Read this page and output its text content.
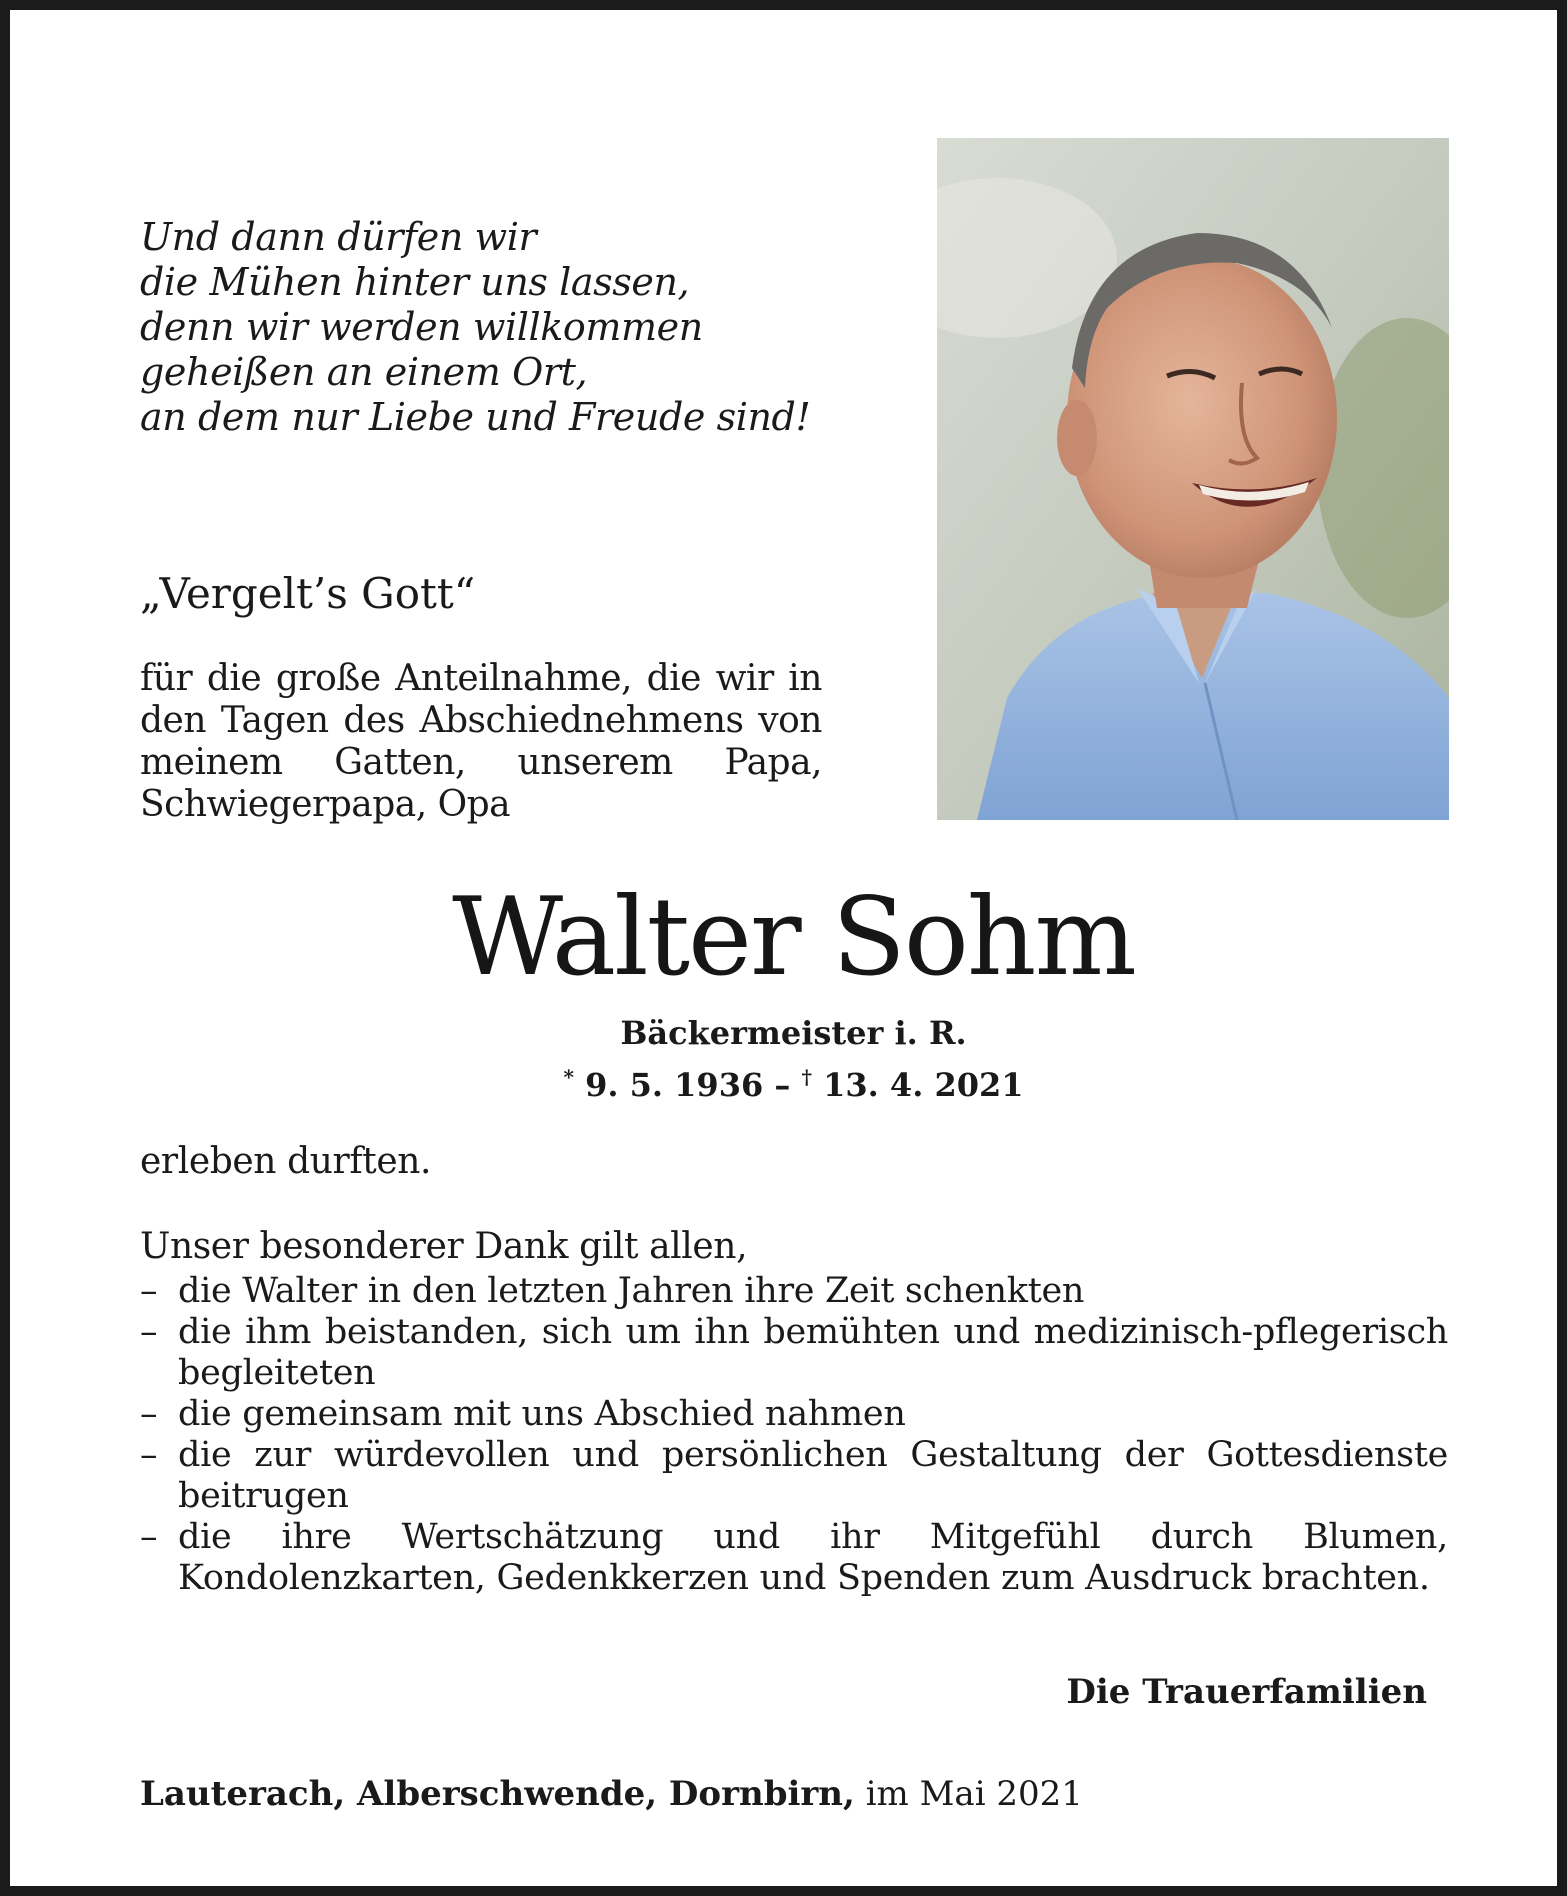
Und dann dürfen wir
die Mühen hinter uns lassen,
denn wir werden willkommen
geheißen an einem Ort,
an dem nur Liebe und Freude sind!
„Vergelt’s Gott“
für die große Anteilnahme, die wir in den Tagen des Abschiednehmens von meinem Gatten, unserem Papa, Schwiegerpapa, Opa
Walter Sohm
Bäckermeister i. R.
* 9. 5. 1936 – † 13. 4. 2021
erleben durften.
Unser besonderer Dank gilt allen,
– die Walter in den letzten Jahren ihre Zeit schenkten
– die ihm beistanden, sich um ihn bemühten und medizinisch-pflegerisch begleiteten
– die gemeinsam mit uns Abschied nahmen
– die zur würdevollen und persönlichen Gestaltung der Gottesdienste beitrugen
– die ihre Wertschätzung und ihr Mitgefühl durch Blumen, Kondolenzkarten, Gedenkkerzen und Spenden zum Ausdruck brachten.
Die Trauerfamilien
Lauterach, Alberschwende, Dornbirn, im Mai 2021
